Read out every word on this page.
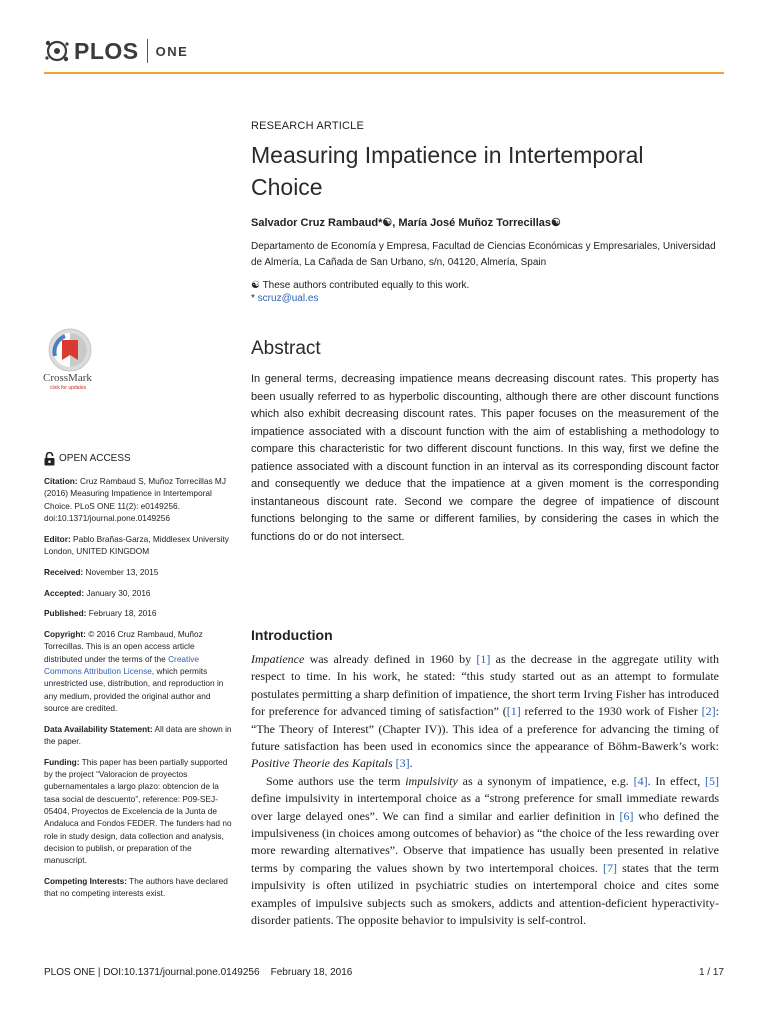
PLOS ONE
RESEARCH ARTICLE
Measuring Impatience in Intertemporal Choice
Salvador Cruz Rambaud*☯, María José Muñoz Torrecillas☯
Departamento de Economía y Empresa, Facultad de Ciencias Económicas y Empresariales, Universidad de Almería, La Cañada de San Urbano, s/n, 04120, Almería, Spain
☯ These authors contributed equally to this work.
* scruz@ual.es
Abstract
In general terms, decreasing impatience means decreasing discount rates. This property has been usually referred to as hyperbolic discounting, although there are other discount functions which also exhibit decreasing discount rates. This paper focuses on the measurement of the impatience associated with a discount function with the aim of establishing a methodology to compare this characteristic for two different discount functions. In this way, first we define the patience associated with a discount function in an interval as its corresponding discount factor and consequently we deduce that the impatience at a given moment is the corresponding instantaneous discount rate. Second we compare the degree of impatience of discount functions belonging to the same or different families, by considering the cases in which the functions do or do not intersect.
Introduction

Impatience was already defined in 1960 by [1] as the decrease in the aggregate utility with respect to time. In his work, he stated: “this study started out as an attempt to formulate postulates permitting a sharp definition of impatience, the short term Irving Fisher has introduced for preference for advanced timing of satisfaction” ([1] referred to the 1930 work of Fisher [2]: “The Theory of Interest” (Chapter IV)). This idea of a preference for advancing the timing of future satisfaction has been used in economics since the appearance of Böhm-Bawerk’s work: Positive Theorie des Kapitals [3].

Some authors use the term impulsivity as a synonym of impatience, e.g. [4]. In effect, [5] define impulsivity in intertemporal choice as a “strong preference for small immediate rewards over large delayed ones”. We can find a similar and earlier definition in [6] who defined the impulsiveness (in choices among outcomes of behavior) as “the choice of the less rewarding over more rewarding alternatives”. Observe that impatience has usually been presented in relative terms by comparing the values shown by two intertemporal choices. [7] states that the term impulsivity is often utilized in psychiatric studies on intertemporal choice and cites some examples of impulsive subjects such as smokers, addicts and attention-deficient hyperactivity-disorder patients. The opposite behavior to impulsivity is self-control.

CrossMark
click for updates
OPEN ACCESS
Citation: Cruz Rambaud S, Muñoz Torrecillas MJ (2016) Measuring Impatience in Intertemporal Choice. PLoS ONE 11(2): e0149256. doi:10.1371/journal.pone.0149256
Editor: Pablo Brañas-Garza, Middlesex University London, UNITED KINGDOM
Received: November 13, 2015
Accepted: January 30, 2016
Published: February 18, 2016
Copyright: © 2016 Cruz Rambaud, Muñoz Torrecillas. This is an open access article distributed under the terms of the Creative Commons Attribution License, which permits unrestricted use, distribution, and reproduction in any medium, provided the original author and source are credited.
Data Availability Statement: All data are shown in the paper.
Funding: This paper has been partially supported by the project “Valoracion de proyectos gubernamentales a largo plazo: obtencion de la tasa social de descuento”, reference: P09-SEJ-05404, Proyectos de Excelencia de la Junta de Andaluca and Fondos FEDER. The funders had no role in study design, data collection and analysis, decision to publish, or preparation of the manuscript.
Competing Interests: The authors have declared that no competing interests exist.
PLOS ONE | DOI:10.1371/journal.pone.0149256    February 18, 2016	1 / 17
